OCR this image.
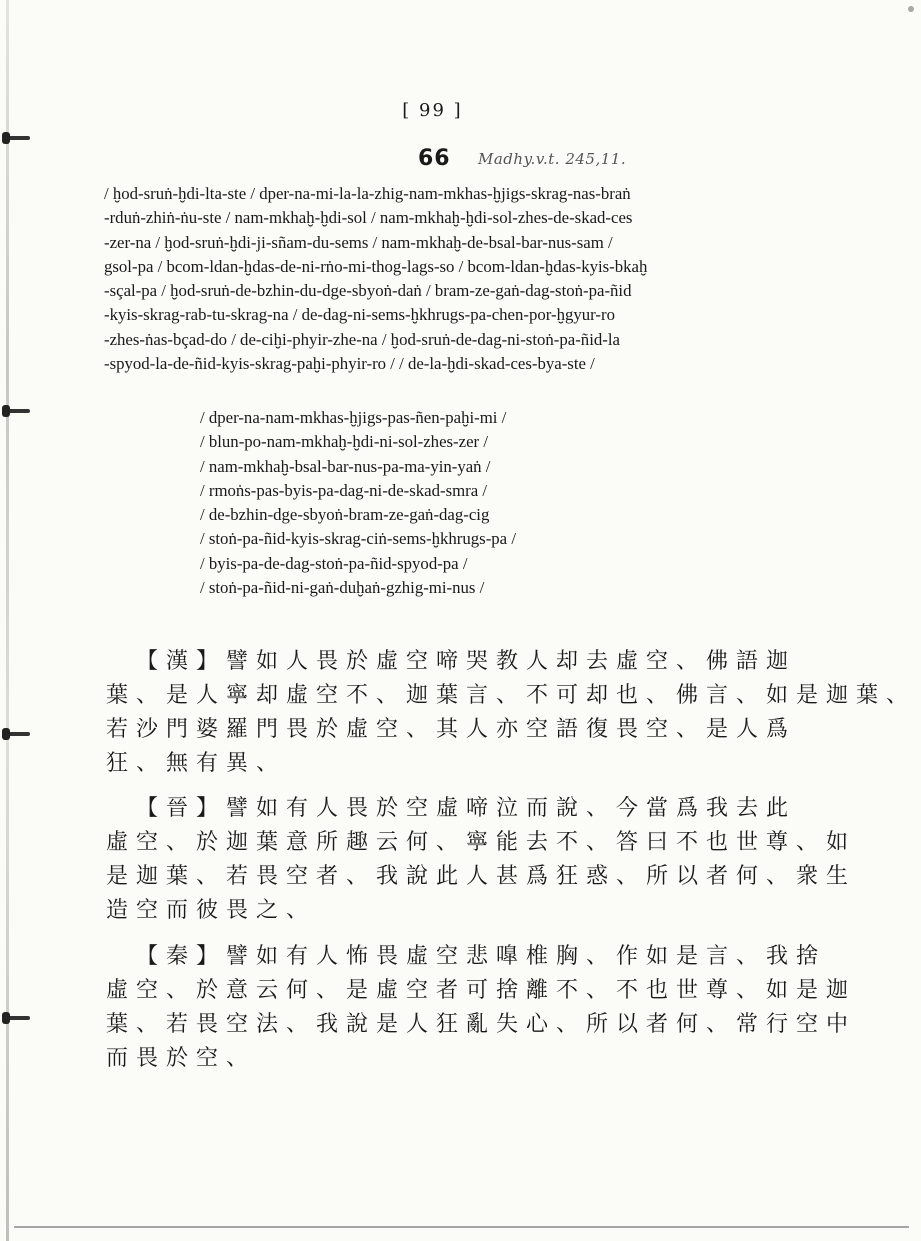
[ 99 ]
66 Madhy.v.t. 245,11.
/ ḫod-sruṅ-ḫdi-lta-ste / dper-na-mi-la-la-zhig-nam-mkhas-ḫjigs-skrag-nas-braṅ
-rduṅ-zhiṅ-ṅu-ste / nam-mkhaḫ-ḫdi-sol / nam-mkhaḫ-ḫdi-sol-zhes-de-skad-ces
-zer-na / ḫod-sruṅ-ḫdi-ji-sñam-du-sems / nam-mkhaḫ-de-bsal-bar-nus-sam /
gsol-pa / bcom-ldan-ḫdas-de-ni-rṅo-mi-thog-lags-so / bcom-ldan-ḫdas-kyis-bkaḫ
-sçal-pa / ḫod-sruṅ-de-bzhin-du-dge-sbyoṅ-daṅ / bram-ze-gaṅ-dag-stoṅ-pa-ñid
-kyis-skrag-rab-tu-skrag-na / de-dag-ni-sems-ḫkhrugs-pa-chen-por-ḫgyur-ro
-zhes-ṅas-bçad-do / de-ciḫi-phyir-zhe-na / ḫod-sruṅ-de-dag-ni-stoṅ-pa-ñid-la
-spyod-la-de-ñid-kyis-skrag-paḫi-phyir-ro / / de-la-ḫdi-skad-ces-bya-ste /
/ dper-na-nam-mkhas-ḫjigs-pas-ñen-paḫi-mi /
/ blun-po-nam-mkhaḫ-ḫdi-ni-sol-zhes-zer /
/ nam-mkhaḫ-bsal-bar-nus-pa-ma-yin-yaṅ /
/ rmoṅs-pas-byis-pa-dag-ni-de-skad-smra /
/ de-bzhin-dge-sbyoṅ-bram-ze-gaṅ-dag-cig
/ stoṅ-pa-ñid-kyis-skrag-ciṅ-sems-ḫkhrugs-pa /
/ byis-pa-de-dag-stoṅ-pa-ñid-spyod-pa /
/ stoṅ-pa-ñid-ni-gaṅ-duḫaṅ-gzhig-mi-nus /
【漢】譬如人畏於虛空啼哭教人却去虛空、佛語迦
葉、是人寧却虛空不、迦葉言、不可却也、佛言、如是迦葉、
若沙門婆羅門畏於虛空、其人亦空語復畏空、是人爲
狂、無有異、
【晉】譬如有人畏於空虛啼泣而說、今當爲我去此
虛空、於迦葉意所趣云何、寧能去不、答曰不也世尊、如
是迦葉、若畏空者、我說此人甚爲狂惑、所以者何、衆生
造空而彼畏之、
【秦】譬如有人怖畏虛空悲嘷椎胸、作如是言、我捨
虛空、於意云何、是虛空者可捨離不、不也世尊、如是迦
葉、若畏空法、我說是人狂亂失心、所以者何、常行空中
而畏於空、
